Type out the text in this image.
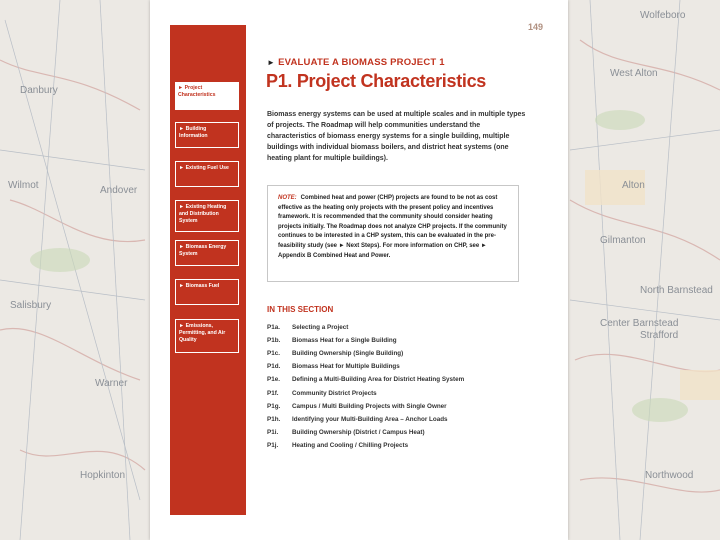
Danbury
Wilmot	Andover
Warner
Hopkinton
Salisbury
Wolfeboro
West Alton
Alton
Gilmanton
Strafford
Northwood
Center Barnstead
North Barnstead
149
► Project Characteristics
► Building Information
► Existing Fuel Use
► Existing Heating and Distribution System
► Biomass Energy System
► Biomass Fuel
► Emissions, Permitting, and Air Quality
► EVALUATE A BIOMASS PROJECT 1
P1. Project Characteristics
Biomass energy systems can be used at multiple scales and in multiple types of projects. The Roadmap will help communities understand the characteristics of biomass energy systems for a single building, multiple buildings with individual biomass boilers, and district heat systems (one heating plant for multiple buildings).
NOTE: Combined heat and power (CHP) projects are found to be not as cost effective as the heating only projects with the present policy and incentives framework. It is recommended that the community should consider heating projects initially. The Roadmap does not analyze CHP projects. If the community continues to be interested in a CHP system, this can be evaluated in the pre-feasibility study (see ► Next Steps). For more information on CHP, see ► Appendix B Combined Heat and Power.
IN THIS SECTION
P1a.	Selecting a Project
P1b.	Biomass Heat for a Single Building
P1c.	Building Ownership (Single Building)
P1d.	Biomass Heat for Multiple Buildings
P1e.	Defining a Multi-Building Area for District Heating System
P1f.	Community District Projects
P1g.	Campus / Multi Building Projects with Single Owner
P1h.	Identifying your Multi-Building Area – Anchor Loads
P1i.	Building Ownership (District / Campus Heat)
P1j.	Heating and Cooling / Chilling Projects
